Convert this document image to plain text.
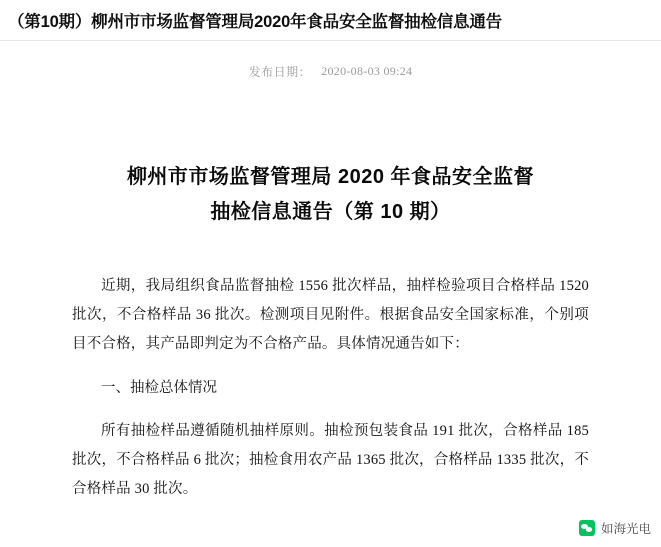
（第10期）柳州市市场监督管理局2020年食品安全监督抽检信息通告
发布日期： 2020-08-03 09:24
柳州市市场监督管理局 2020 年食品安全监督
抽检信息通告（第 10 期）

近期，我局组织食品监督抽检 1556 批次样品，抽样检验项目合格样品 1520 批次，不合格样品 36 批次。检测项目见附件。根据食品安全国家标准，个别项目不合格，其产品即判定为不合格产品。具体情况通告如下：

一、抽检总体情况

所有抽检样品遵循随机抽样原则。抽检预包装食品 191 批次，合格样品 185 批次，不合格样品 6 批次；抽检食用农产品 1365 批次，合格样品 1335 批次，不合格样品 30 批次。

如海光电
